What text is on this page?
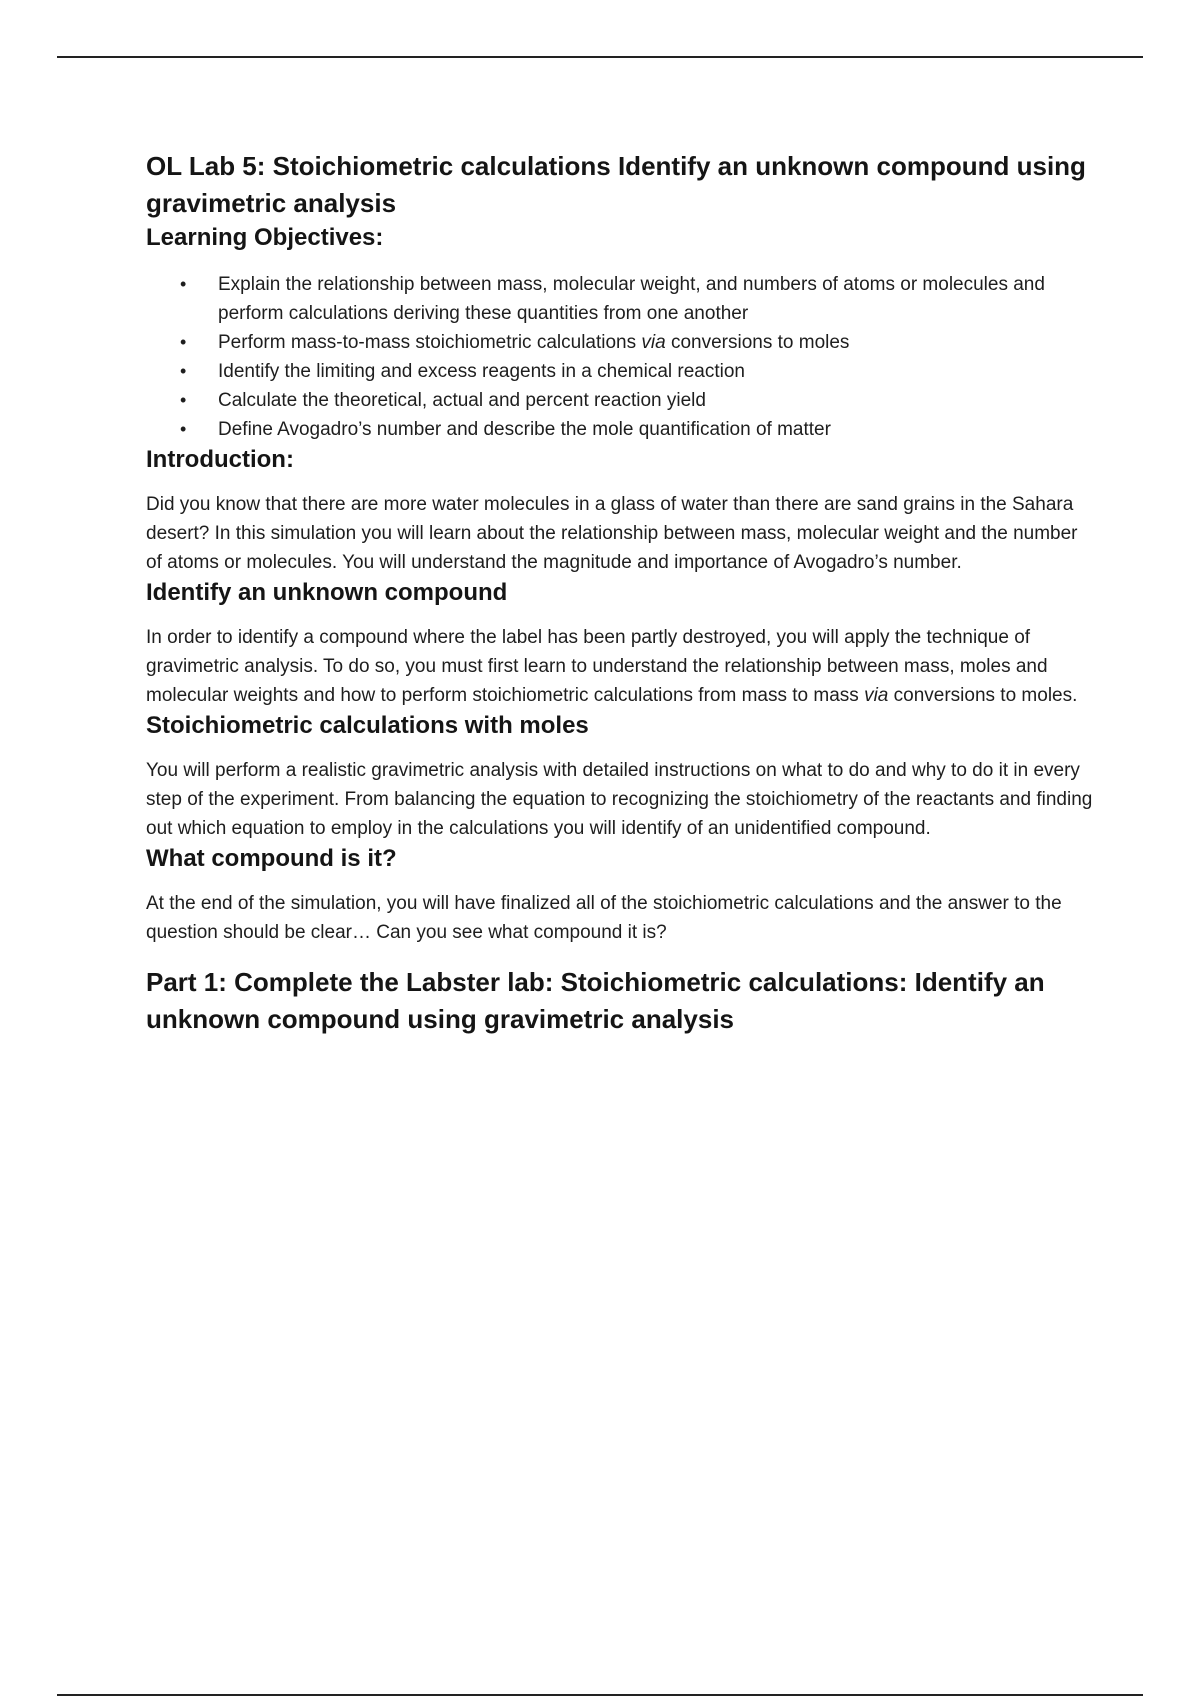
OL Lab 5: Stoichiometric calculations Identify an unknown compound using gravimetric analysis
Learning Objectives:
• Explain the relationship between mass, molecular weight, and numbers of atoms or molecules and perform calculations deriving these quantities from one another
• Perform mass-to-mass stoichiometric calculations via conversions to moles
• Identify the limiting and excess reagents in a chemical reaction
• Calculate the theoretical, actual and percent reaction yield
• Define Avogadro’s number and describe the mole quantification of matter
Introduction:

Did you know that there are more water molecules in a glass of water than there are sand grains in the Sahara desert? In this simulation you will learn about the relationship between mass, molecular weight and the number of atoms or molecules. You will understand the magnitude and importance of Avogadro’s number.

Identify an unknown compound

In order to identify a compound where the label has been partly destroyed, you will apply the technique of gravimetric analysis. To do so, you must first learn to understand the relationship between mass, moles and molecular weights and how to perform stoichiometric calculations from mass to mass via conversions to moles.

Stoichiometric calculations with moles

You will perform a realistic gravimetric analysis with detailed instructions on what to do and why to do it in every step of the experiment. From balancing the equation to recognizing the stoichiometry of the reactants and finding out which equation to employ in the calculations you will identify of an unidentified compound.

What compound is it?

At the end of the simulation, you will have finalized all of the stoichiometric calculations and the answer to the question should be clear… Can you see what compound it is?

Part 1: Complete the Labster lab: Stoichiometric calculations: Identify an unknown compound using gravimetric analysis
